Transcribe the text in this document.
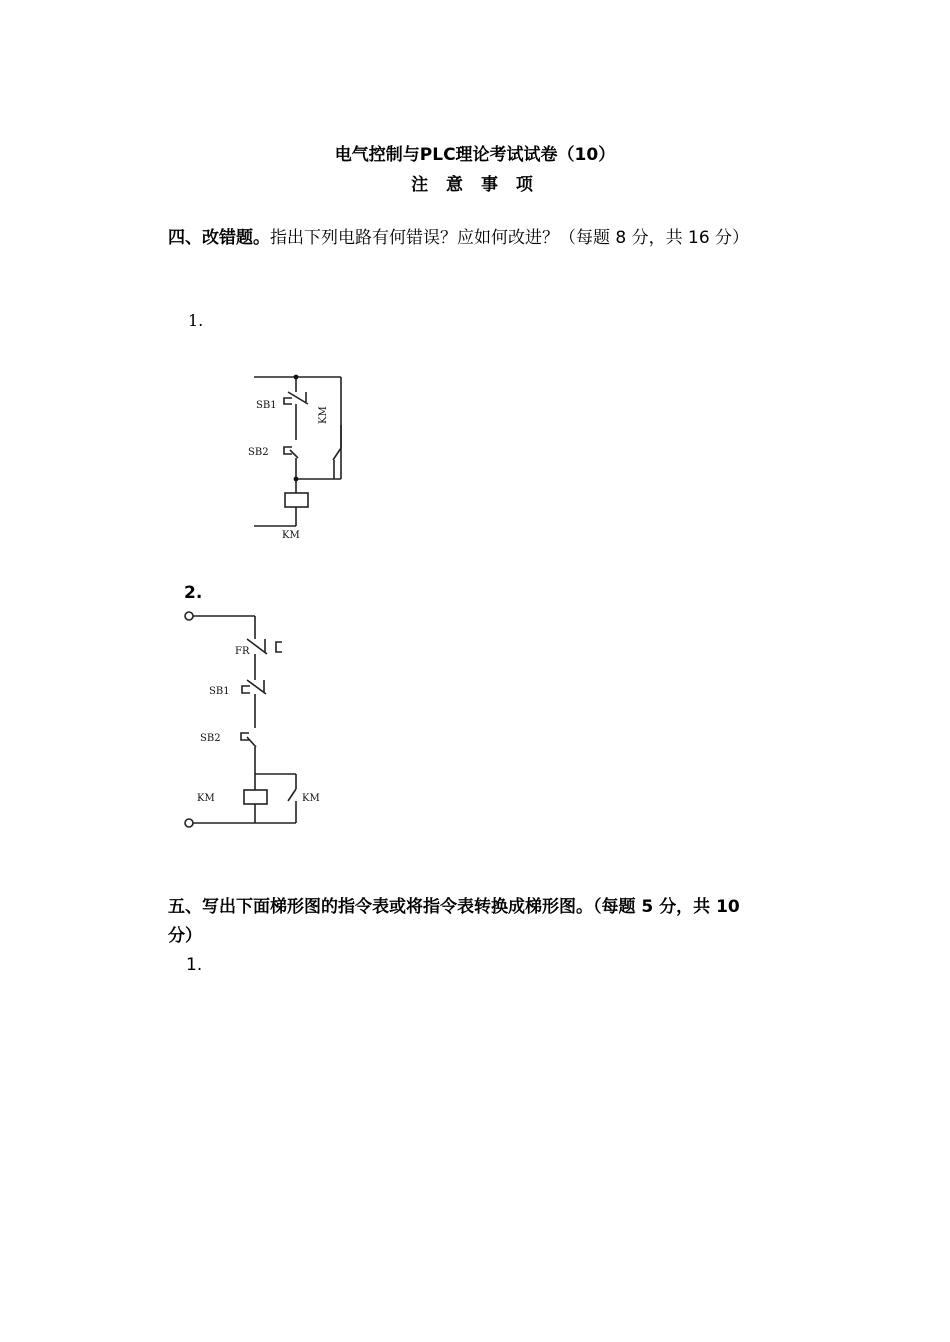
电气控制与PLC理论考试试卷（10）
注 意 事 项
四、改错题。指出下列电路有何错误？应如何改进？（每题 8 分，共 16 分）
1.
SB1
SB2
KM
KM
2.
FR
SB1
SB2
KM	KM
五、写出下面梯形图的指令表或将指令表转换成梯形图。（每题 5 分，共 10 分）
1.
